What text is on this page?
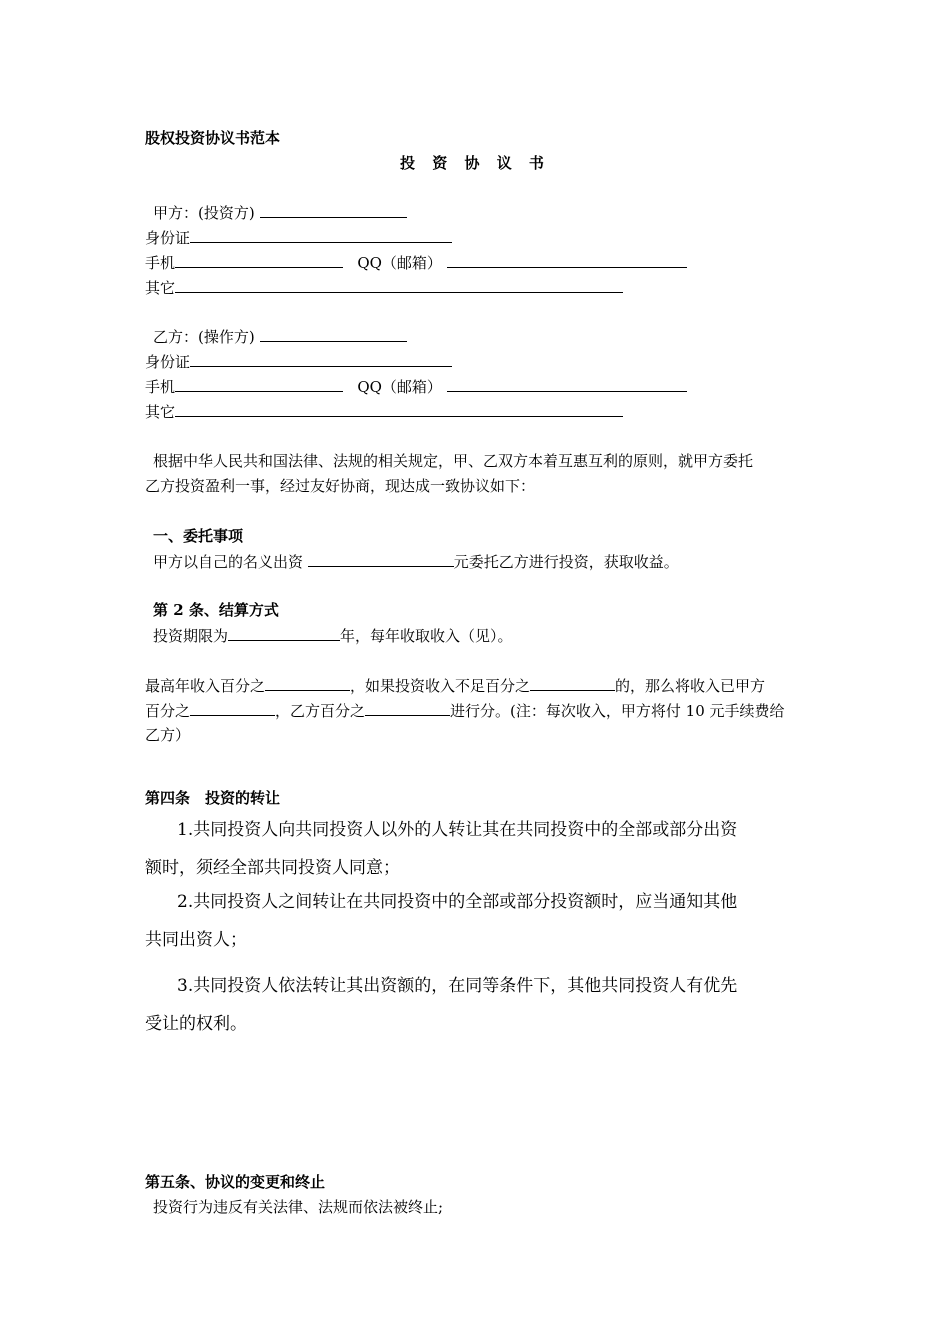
股权投资协议书范本
投 资 协 议 书
甲方：(投资方)
身份证
手机	QQ（邮箱）
其它
乙方：(操作方)
身份证
手机	QQ（邮箱）
其它
根据中华人民共和国法律、法规的相关规定，甲、乙双方本着互惠互利的原则，就甲方委托
乙方投资盈利一事，经过友好协商，现达成一致协议如下：
一、委托事项
甲方以自己的名义出资	元委托乙方进行投资，获取收益。
第 2 条、结算方式
投资期限为	年，每年收取收入（见）。
最高年收入百分之	，如果投资收入不足百分之	的，那么将收入已甲方
百分之	，乙方百分之	进行分。(注：每次收入，甲方将付 10 元手续费给
乙方）
第四条　投资的转让
1.共同投资人向共同投资人以外的人转让其在共同投资中的全部或部分出资
额时，须经全部共同投资人同意；
2.共同投资人之间转让在共同投资中的全部或部分投资额时，应当通知其他
共同出资人；
3.共同投资人依法转让其出资额的，在同等条件下，其他共同投资人有优先
受让的权利。
第五条、协议的变更和终止
投资行为违反有关法律、法规而依法被终止;
